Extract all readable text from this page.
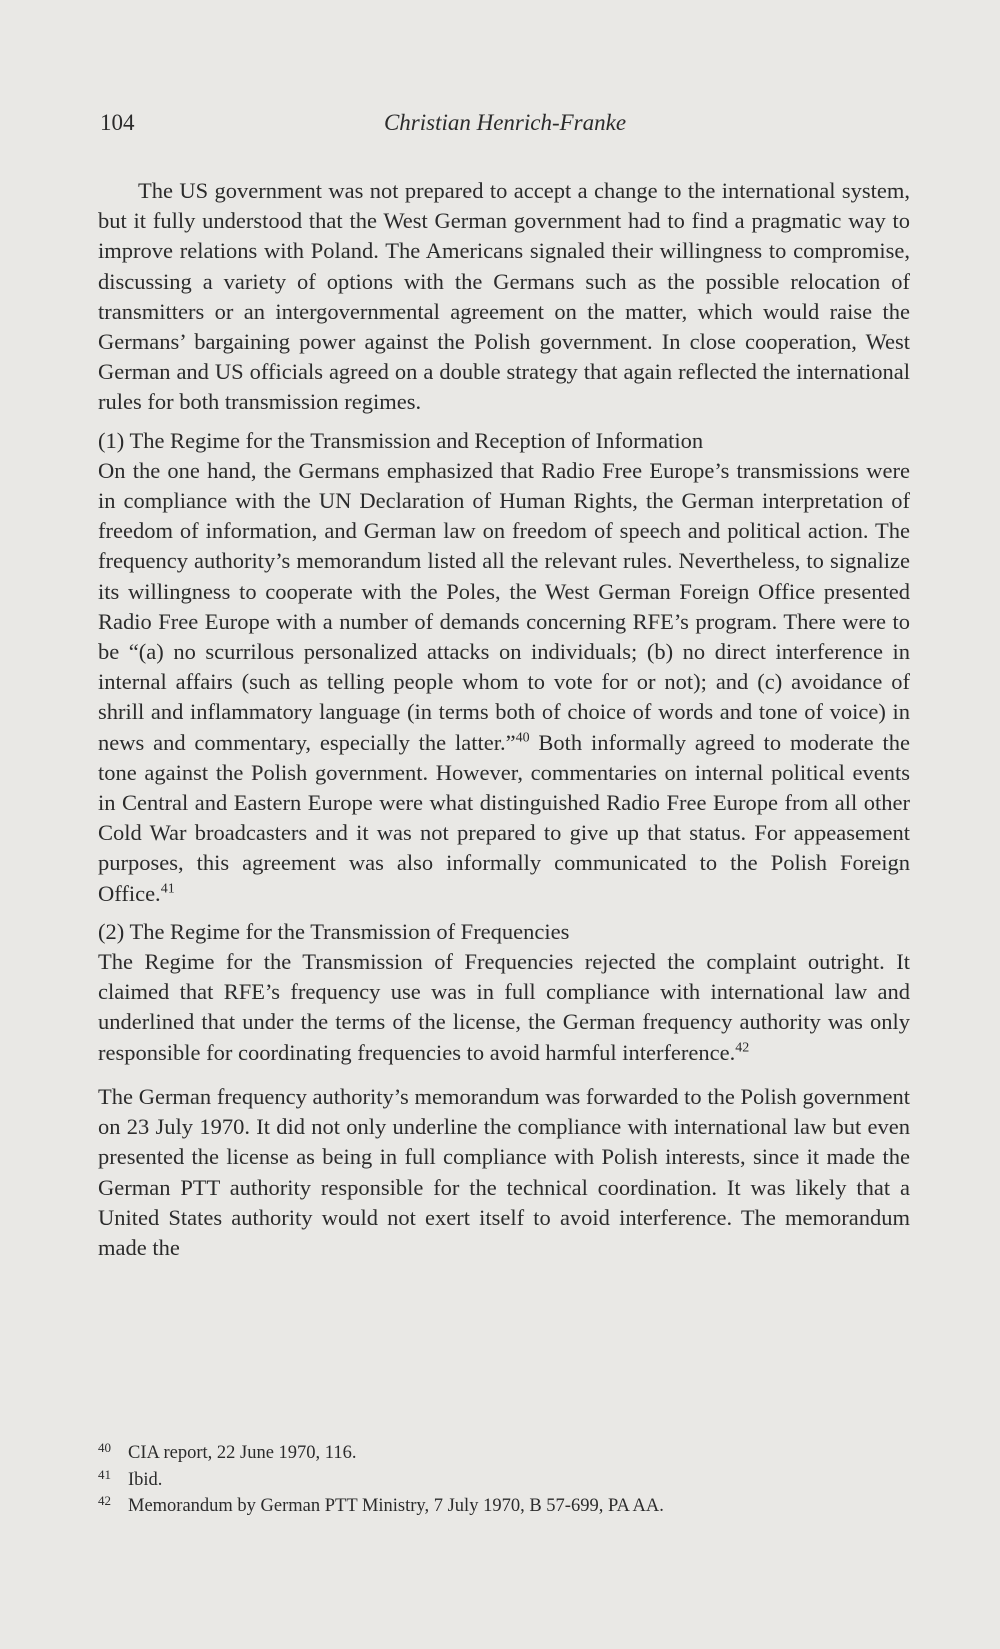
104	Christian Henrich-Franke

The US government was not prepared to accept a change to the international system, but it fully understood that the West German government had to find a pragmatic way to improve relations with Poland. The Americans signaled their willingness to compromise, discussing a variety of options with the Germans such as the possible relocation of transmitters or an intergovernmental agreement on the matter, which would raise the Germans’ bargaining power against the Polish government. In close cooperation, West German and US officials agreed on a double strategy that again reflected the international rules for both transmission regimes.

(1) The Regime for the Transmission and Reception of Information

On the one hand, the Germans emphasized that Radio Free Europe’s transmissions were in compliance with the UN Declaration of Human Rights, the German interpretation of freedom of information, and German law on freedom of speech and political action. The frequency authority’s memorandum listed all the relevant rules. Nevertheless, to signalize its willingness to cooperate with the Poles, the West German Foreign Office presented Radio Free Europe with a number of demands concerning RFE’s program. There were to be “(a) no scurrilous personalized attacks on individuals; (b) no direct interference in internal affairs (such as telling people whom to vote for or not); and (c) avoidance of shrill and inflammatory language (in terms both of choice of words and tone of voice) in news and commentary, especially the latter.”$^{40}$ Both informally agreed to moderate the tone against the Polish government. However, commentaries on internal political events in Central and Eastern Europe were what distinguished Radio Free Europe from all other Cold War broadcasters and it was not prepared to give up that status. For appeasement purposes, this agreement was also informally communicated to the Polish Foreign Office.$^{41}$

(2) The Regime for the Transmission of Frequencies

The Regime for the Transmission of Frequencies rejected the complaint outright. It claimed that RFE’s frequency use was in full compliance with international law and underlined that under the terms of the license, the German frequency authority was only responsible for coordinating frequencies to avoid harmful interference.$^{42}$

The German frequency authority’s memorandum was forwarded to the Polish government on 23 July 1970. It did not only underline the compliance with international law but even presented the license as being in full compliance with Polish interests, since it made the German PTT authority responsible for the technical coordination. It was likely that a United States authority would not exert itself to avoid interference. The memorandum made the

40 CIA report, 22 June 1970, 116.
41 Ibid.
42 Memorandum by German PTT Ministry, 7 July 1970, B 57-699, PA AA.
